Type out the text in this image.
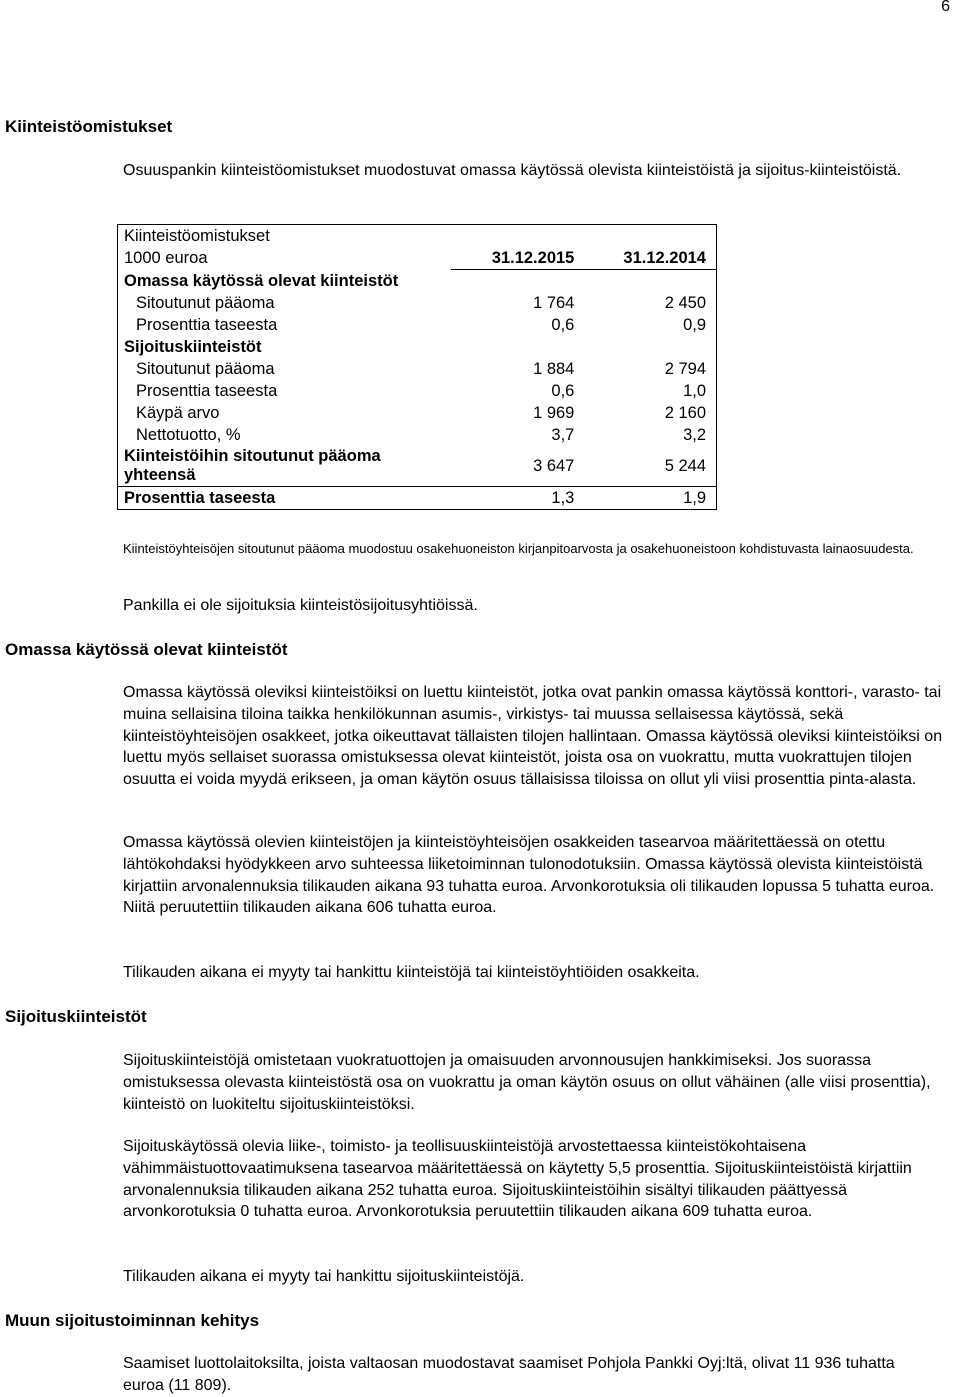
6
Kiinteistöomistukset
Osuuspankin kiinteistöomistukset muodostuvat omassa käytössä olevista kiinteistöistä ja sijoitus-kiinteistöistä.
Kiinteistöomistukset		
1000 euroa	31.12.2015	31.12.2014
Omassa käytössä olevat kiinteistöt		
Sitoutunut pääoma	1 764	2 450
Prosenttia taseesta	0,6	0,9
Sijoituskiinteistöt		
Sitoutunut pääoma	1 884	2 794
Prosenttia taseesta	0,6	1,0
Käypä arvo	1 969	2 160
Nettotuotto, %	3,7	3,2
Kiinteistöihin sitoutunut pääoma yhteensä	3 647	5 244
Prosenttia taseesta	1,3	1,9
Kiinteistöyhteisöjen sitoutunut pääoma muodostuu osakehuoneiston kirjanpitoarvosta ja osakehuoneistoon kohdistuvasta lainaosuudesta.
Pankilla ei ole sijoituksia kiinteistösijoitusyhtiöissä.
Omassa käytössä olevat kiinteistöt
Omassa käytössä oleviksi kiinteistöiksi on luettu kiinteistöt, jotka ovat pankin omassa käytössä konttori-, varasto- tai muina sellaisina tiloina taikka henkilökunnan asumis-, virkistys- tai muussa sellaisessa käytössä, sekä kiinteistöyhteisöjen osakkeet, jotka oikeuttavat tällaisten tilojen hallintaan. Omassa käytössä oleviksi kiinteistöiksi on luettu myös sellaiset suorassa omistuksessa olevat kiinteistöt, joista osa on vuokrattu, mutta vuokrattujen tilojen osuutta ei voida myydä erikseen, ja oman käytön osuus tällaisissa tiloissa on ollut yli viisi prosenttia pinta-alasta.
Omassa käytössä olevien kiinteistöjen ja kiinteistöyhteisöjen osakkeiden tasearvoa määritettäessä on otettu lähtökohdaksi hyödykkeen arvo suhteessa liiketoiminnan tulonodotuksiin. Omassa käytössä olevista kiinteistöistä kirjattiin arvonalennuksia tilikauden aikana 93 tuhatta euroa. Arvonkorotuksia oli tilikauden lopussa 5 tuhatta euroa. Niitä peruutettiin tilikauden aikana 606 tuhatta euroa.
Tilikauden aikana ei myyty tai hankittu kiinteistöjä tai kiinteistöyhtiöiden osakkeita.
Sijoituskiinteistöt
Sijoituskiinteistöjä omistetaan vuokratuottojen ja omaisuuden arvonnousujen hankkimiseksi. Jos suorassa omistuksessa olevasta kiinteistöstä osa on vuokrattu ja oman käytön osuus on ollut vähäinen (alle viisi prosenttia), kiinteistö on luokiteltu sijoituskiinteistöksi.
Sijoituskäytössä olevia liike-, toimisto- ja teollisuuskiinteistöjä arvostettaessa kiinteistökohtaisena vähimmäistuottovaatimuksena tasearvoa määritettäessä on käytetty 5,5 prosenttia. Sijoituskiinteistöistä kirjattiin arvonalennuksia tilikauden aikana 252 tuhatta euroa. Sijoituskiinteistöihin sisältyi tilikauden päättyessä arvonkorotuksia 0 tuhatta euroa. Arvonkorotuksia peruutettiin tilikauden aikana 609 tuhatta euroa.
Tilikauden aikana ei myyty tai hankittu sijoituskiinteistöjä.
Muun sijoitustoiminnan kehitys
Saamiset luottolaitoksilta, joista valtaosan muodostavat saamiset Pohjola Pankki Oyj:ltä, olivat 11 936 tuhatta euroa (11 809).
